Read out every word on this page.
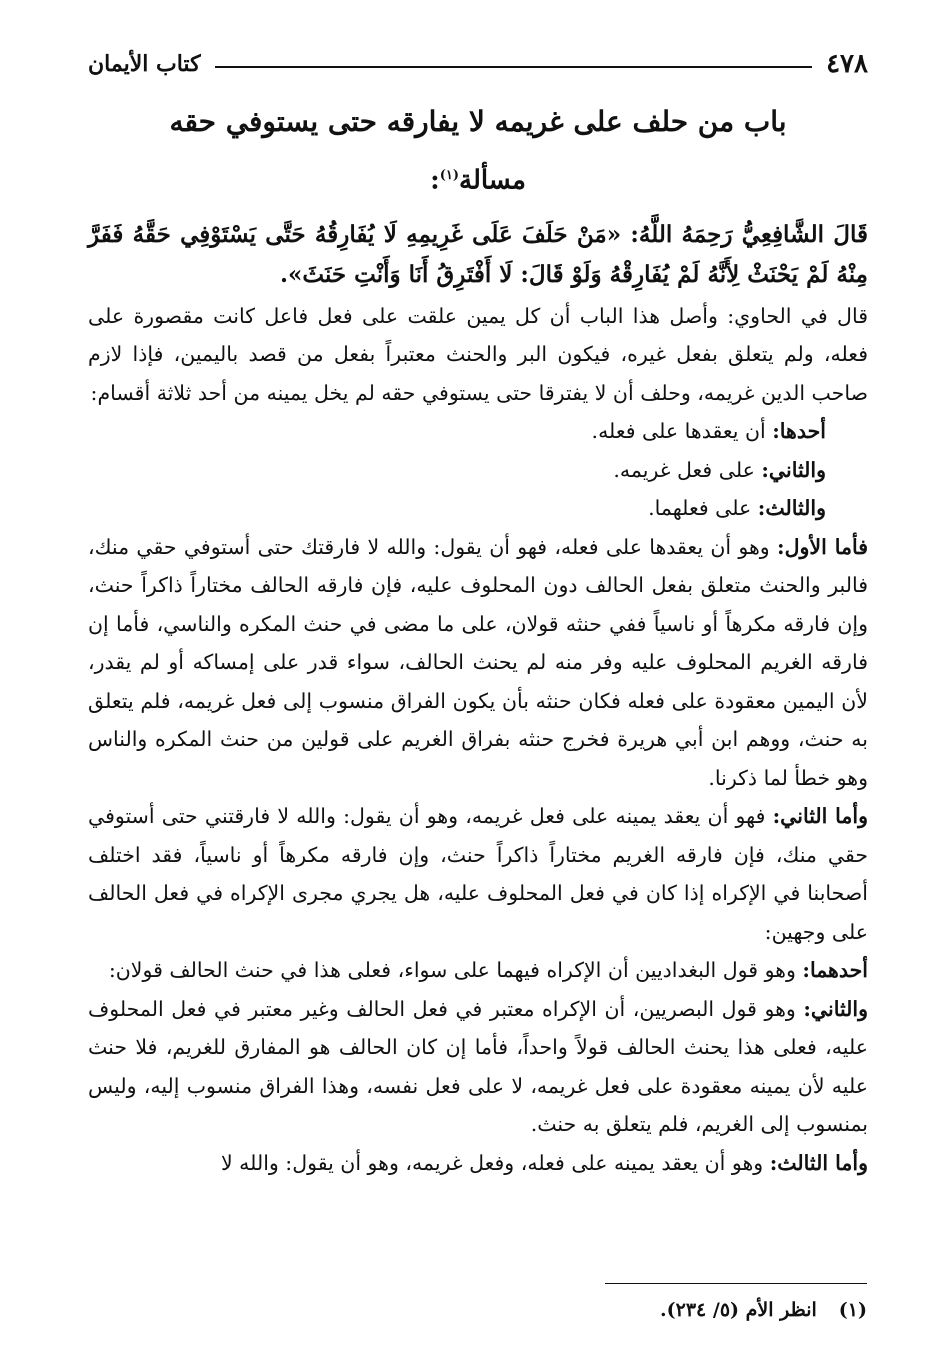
٤٧٨
كتاب الأيمان
باب من حلف على غريمه لا يفارقه حتى يستوفي حقه
مسألة$^{(١)}$:

قَالَ الشَّافِعِيُّ رَحِمَهُ اللَّهُ: «مَنْ حَلَفَ عَلَى غَرِيمِهِ لَا يُفَارِقُهُ حَتَّى يَسْتَوْفِي حَقَّهُ فَفَرَّ مِنْهُ لَمْ يَحْنَثْ لِأَنَّهُ لَمْ يُفَارِقْهُ وَلَوْ قَالَ: لَا أَفْتَرِقُ أَنَا وَأَنْتِ حَنَثَ».

قال في الحاوي: وأصل هذا الباب أن كل يمين علقت على فعل فاعل كانت مقصورة على فعله، ولم يتعلق بفعل غيره، فيكون البر والحنث معتبراً بفعل من قصد باليمين، فإذا لازم صاحب الدين غريمه، وحلف أن لا يفترقا حتى يستوفي حقه لم يخل يمينه من أحد ثلاثة أقسام:

أحدها: أن يعقدها على فعله.

والثاني: على فعل غريمه.

والثالث: على فعلهما.

فأما الأول: وهو أن يعقدها على فعله، فهو أن يقول: والله لا فارقتك حتى أستوفي حقي منك، فالبر والحنث متعلق بفعل الحالف دون المحلوف عليه، فإن فارقه الحالف مختاراً ذاكراً حنث، وإن فارقه مكرهاً أو ناسياً ففي حنثه قولان، على ما مضى في حنث المكره والناسي، فأما إن فارقه الغريم المحلوف عليه وفر منه لم يحنث الحالف، سواء قدر على إمساكه أو لم يقدر، لأن اليمين معقودة على فعله فكان حنثه بأن يكون الفراق منسوب إلى فعل غريمه، فلم يتعلق به حنث، ووهم ابن أبي هريرة فخرج حنثه بفراق الغريم على قولين من حنث المكره والناس وهو خطأ لما ذكرنا.

وأما الثاني: فهو أن يعقد يمينه على فعل غريمه، وهو أن يقول: والله لا فارقتني حتى أستوفي حقي منك، فإن فارقه الغريم مختاراً ذاكراً حنث، وإن فارقه مكرهاً أو ناسياً، فقد اختلف أصحابنا في الإكراه إذا كان في فعل المحلوف عليه، هل يجري مجرى الإكراه في فعل الحالف على وجهين:

أحدهما: وهو قول البغداديين أن الإكراه فيهما على سواء، فعلى هذا في حنث الحالف قولان:

والثاني: وهو قول البصريين، أن الإكراه معتبر في فعل الحالف وغير معتبر في فعل المحلوف عليه، فعلى هذا يحنث الحالف قولاً واحداً، فأما إن كان الحالف هو المفارق للغريم، فلا حنث عليه لأن يمينه معقودة على فعل غريمه، لا على فعل نفسه، وهذا الفراق منسوب إليه، وليس بمنسوب إلى الغريم، فلم يتعلق به حنث.

وأما الثالث: وهو أن يعقد يمينه على فعله، وفعل غريمه، وهو أن يقول: والله لا

(١)
انظر الأم (٥/ ٢٣٤).
